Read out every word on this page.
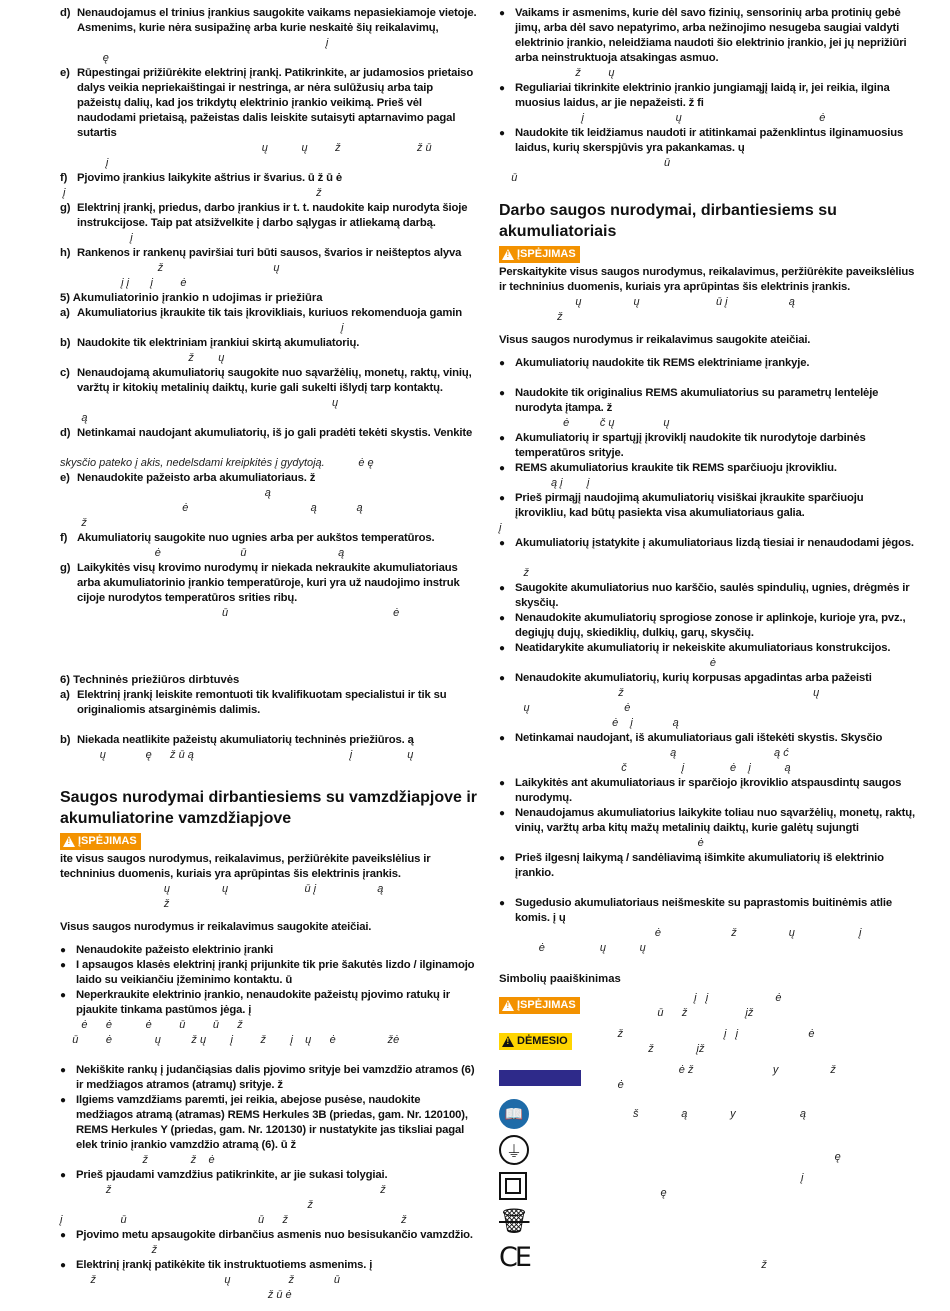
d) Nenaudojamus el trinius įrankius saugokite vaikams nepasiekiamoje vietoje. Asmenims, kurie nėra susipažinę arba kurie neskaitė šių reikalavimų,
į
ę
e) Rūpestingai prižiūrėkite elektrinį įrankį. Patikrinkite, ar judamosios prietaiso dalys veikia nepriekaištingai ir nestringa, ar nėra sulūžusių arba taip pažeistų dalių, kad jos trikdytų elektrinio įrankio veikimą. Prieš vėl naudodami prietaisą, pažeistas dalis leiskite sutaisyti aptarnavimo pagal sutartis
ų           ų         ž                         ž ū
į
f) Pjovimo įrankius laikykite aštrius ir švarius. ū ž ū ė
į                                                                                  ž
g) Elektrinį įrankį, priedus, darbo įrankius ir t. t. naudokite kaip nurodyta šioje instrukcijose. Taip pat atsižvelkite į darbo sąlygas ir atliekamą darbą.
į
h) Rankenos ir rankenų paviršiai turi būti sausos, švarios ir neišteptos alyva
ž                                    ų
į į       į         ė
5) Akumuliatorinio įrankio n udojimas ir priežiūra
a) Akumuliatorius įkraukite tik tais įkrovikliais, kuriuos rekomenduoja gamin
į
b) Naudokite tik elektriniam įrankiui skirtą akumuliatorių.
ž        ų
c) Nenaudojamą akumuliatorių saugokite nuo sąvaržėlių, monetų, raktų, vinių, varžtų ir kitokių metalinių daiktų, kurie gali sukelti išlydį tarp kontaktų.
ų
ą
d) Netinkamai naudojant akumuliatorių, iš jo gali pradėti tekėti skystis. Venkite
skysčio pateko į akis, nedelsdami kreipkitės į gydytoją.           ė ę
e) Nenaudokite pažeisto arba akumuliatoriaus. ž
ą
ė                                        ą             ą
ž
f) Akumuliatorių saugokite nuo ugnies arba per aukštos temperatūros.
ė                          ū                              ą
g) Laikykitės visų krovimo nurodymų ir niekada nekraukite akumuliatoriaus arba akumuliatorinio įrankio temperatūroje, kuri yra už naudojimo instruk cijoje nurodytos temperatūros srities ribų.
ū                                                      ė
6) Techninės priežiūros dirbtuvės
a) Elektrinį įrankį leiskite remontuoti tik kvalifikuotam specialistui ir tik su originaliomis atsarginėmis dalimis.
b) Niekada neatlikite pažeistų akumuliatorių techninės priežiūros. ą
ų             ę      ž ū ą                                                   į                  ų
Saugos nurodymai dirbantiesiems su vamzdžiapjove ir akumuliatorine vamzdžiapjove
!
ĮSPĖJIMAS
ite visus saugos nurodymus, reikalavimus, peržiūrėkite paveikslėlius ir techninius duomenis, kuriais yra aprūpintas šis elektrinis įrankis.
ų                 ų                         ū į                    ą
ž
Visus saugos nurodymus ir reikalavimus saugokite ateičiai.
● Nenaudokite pažeisto elektrinio įranki
● I apsaugos klasės elektrinį įrankį prijunkite tik prie šakutės lizdo / ilginamojo laido su veikiančiu įžeminimo kontaktu. ū
● Neperkraukite elektrinio įrankio, nenaudokite pažeistų pjovimo ratukų ir pjaukite tinkama pastūmos jėga. į
ė      ė           ė         ū         ū      ž
ū         ė              ų          ž ų        į         ž        į    ų      ė                 žė
● Nekiškite rankų į judančiąsias dalis pjovimo srityje bei vamzdžio atramos (6) ir medžiagos atramos (atramų) srityje. ž
● Ilgiems vamzdžiams paremti, jei reikia, abejose pusėse, naudokite medžiagos atramą (atramas) REMS Herkules 3B (priedas, gam. Nr. 120100), REMS Herkules Y (priedas, gam. Nr. 120130) ir nustatykite jas tiksliai pagal elek trinio įrankio vamzdžio atramą (6). ū ž
ž              ž    ė
● Prieš pjaudami vamzdžius patikrinkite, ar jie sukasi tolygiai.
ž                                                                                        ž
ž
į                   ū                                           ū      ž                                     ž
● Pjovimo metu apsaugokite dirbančius asmenis nuo besisukančio vamzdžio.
ž
● Elektrinį įrankį patikėkite tik instruktuotiems asmenims. į
ž                                          ų                   ž             ū
ž ū ė
● Vaikams ir asmenims, kurie dėl savo fizinių, sensorinių arba protinių gebė jimų, arba dėl savo nepatyrimo, arba nežinojimo nesugeba saugiai valdyti elektrinio įrankio, neleidžiama naudoti šio elektrinio įrankio, jei jų neprižiūri arba neinstruktuoja atsakingas asmuo.
ž         ų
● Reguliariai tikrinkite elektrinio įrankio jungiamąjį laidą ir, jei reikia, ilgina muosius laidus, ar jie nepažeisti. ž fi
į                              ų                                             ė
● Naudokite tik leidžiamus naudoti ir atitinkamai paženklintus ilginamuosius laidus, kurių skerspjūvis yra pakankamas. ų
ū
ū
Darbo saugos nurodymai, dirbantiesiems su akumuliatoriais
!
ĮSPĖJIMAS
Perskaitykite visus saugos nurodymus, reikalavimus, peržiūrėkite paveikslėlius ir techninius duomenis, kuriais yra aprūpintas šis elektrinis įrankis.
ų                 ų                         ū į                    ą
ž
Visus saugos nurodymus ir reikalavimus saugokite ateičiai.
● Akumuliatorių naudokite tik REMS elektriniame įrankyje.
● Naudokite tik originalius REMS akumuliatorius su parametrų lentelėje nurodyta įtampa. ž
ė          č ų                ų
● Akumuliatorių ir spartųjį įkroviklį naudokite tik nurodytoje darbinės temperatūros srityje.
● REMS akumuliatorius kraukite tik REMS sparčiuoju įkrovikliu.
ą į        į
● Prieš pirmąjį naudojimą akumuliatorių visiškai įkraukite sparčiuoju įkrovikliu, kad būtų pasiekta visa akumuliatoriaus galia.
į
● Akumuliatorių įstatykite į akumuliatoriaus lizdą tiesiai ir nenaudodami jėgos.
ž
● Saugokite akumuliatorius nuo karščio, saulės spindulių, ugnies, drėgmės ir skysčių.
● Nenaudokite akumuliatorių sprogiose zonose ir aplinkoje, kurioje yra, pvz., degiųjų dujų, skiediklių, dulkių, garų, skysčių.
● Neatidarykite akumuliatorių ir nekeiskite akumuliatoriaus konstrukcijos.
ė
● Nenaudokite akumuliatorių, kurių korpusas apgadintas arba pažeisti
ž                                                              ų
ų                               ė
ė    į             ą
● Netinkamai naudojant, iš akumuliatoriaus gali ištekėti skystis. Skysčio
ą                                ą ć
č                  į               ė    į           ą
● Laikykitės ant akumuliatoriaus ir sparčiojo įkroviklio atspausdintų saugos nurodymų.
● Nenaudojamus akumuliatorius laikykite toliau nuo sąvaržėlių, monetų, raktų, vinių, varžtų arba kitų mažų metalinių daiktų, kurie galėtų sujungti
ė
● Prieš ilgesnį laikymą / sandėliavimą išimkite akumuliatorių iš elektrinio įrankio.
● Sugedusio akumuliatoriaus neišmeskite su paprastomis buitinėmis atlie komis. į ų
ė                       ž                 ų                     į
ė                  ų           ų
Simbolių paaiškinimas
!
ĮSPĖJIMAS
į   į                      ė
ū      ž                   įž
!
DĖMESIO
ž                                 į   į                       ė
ž              įž
ė ž                          y                 ž
ė
📖	š              ą              y                     ą
⏚	ę
į
ę
🗑
CE	ž
